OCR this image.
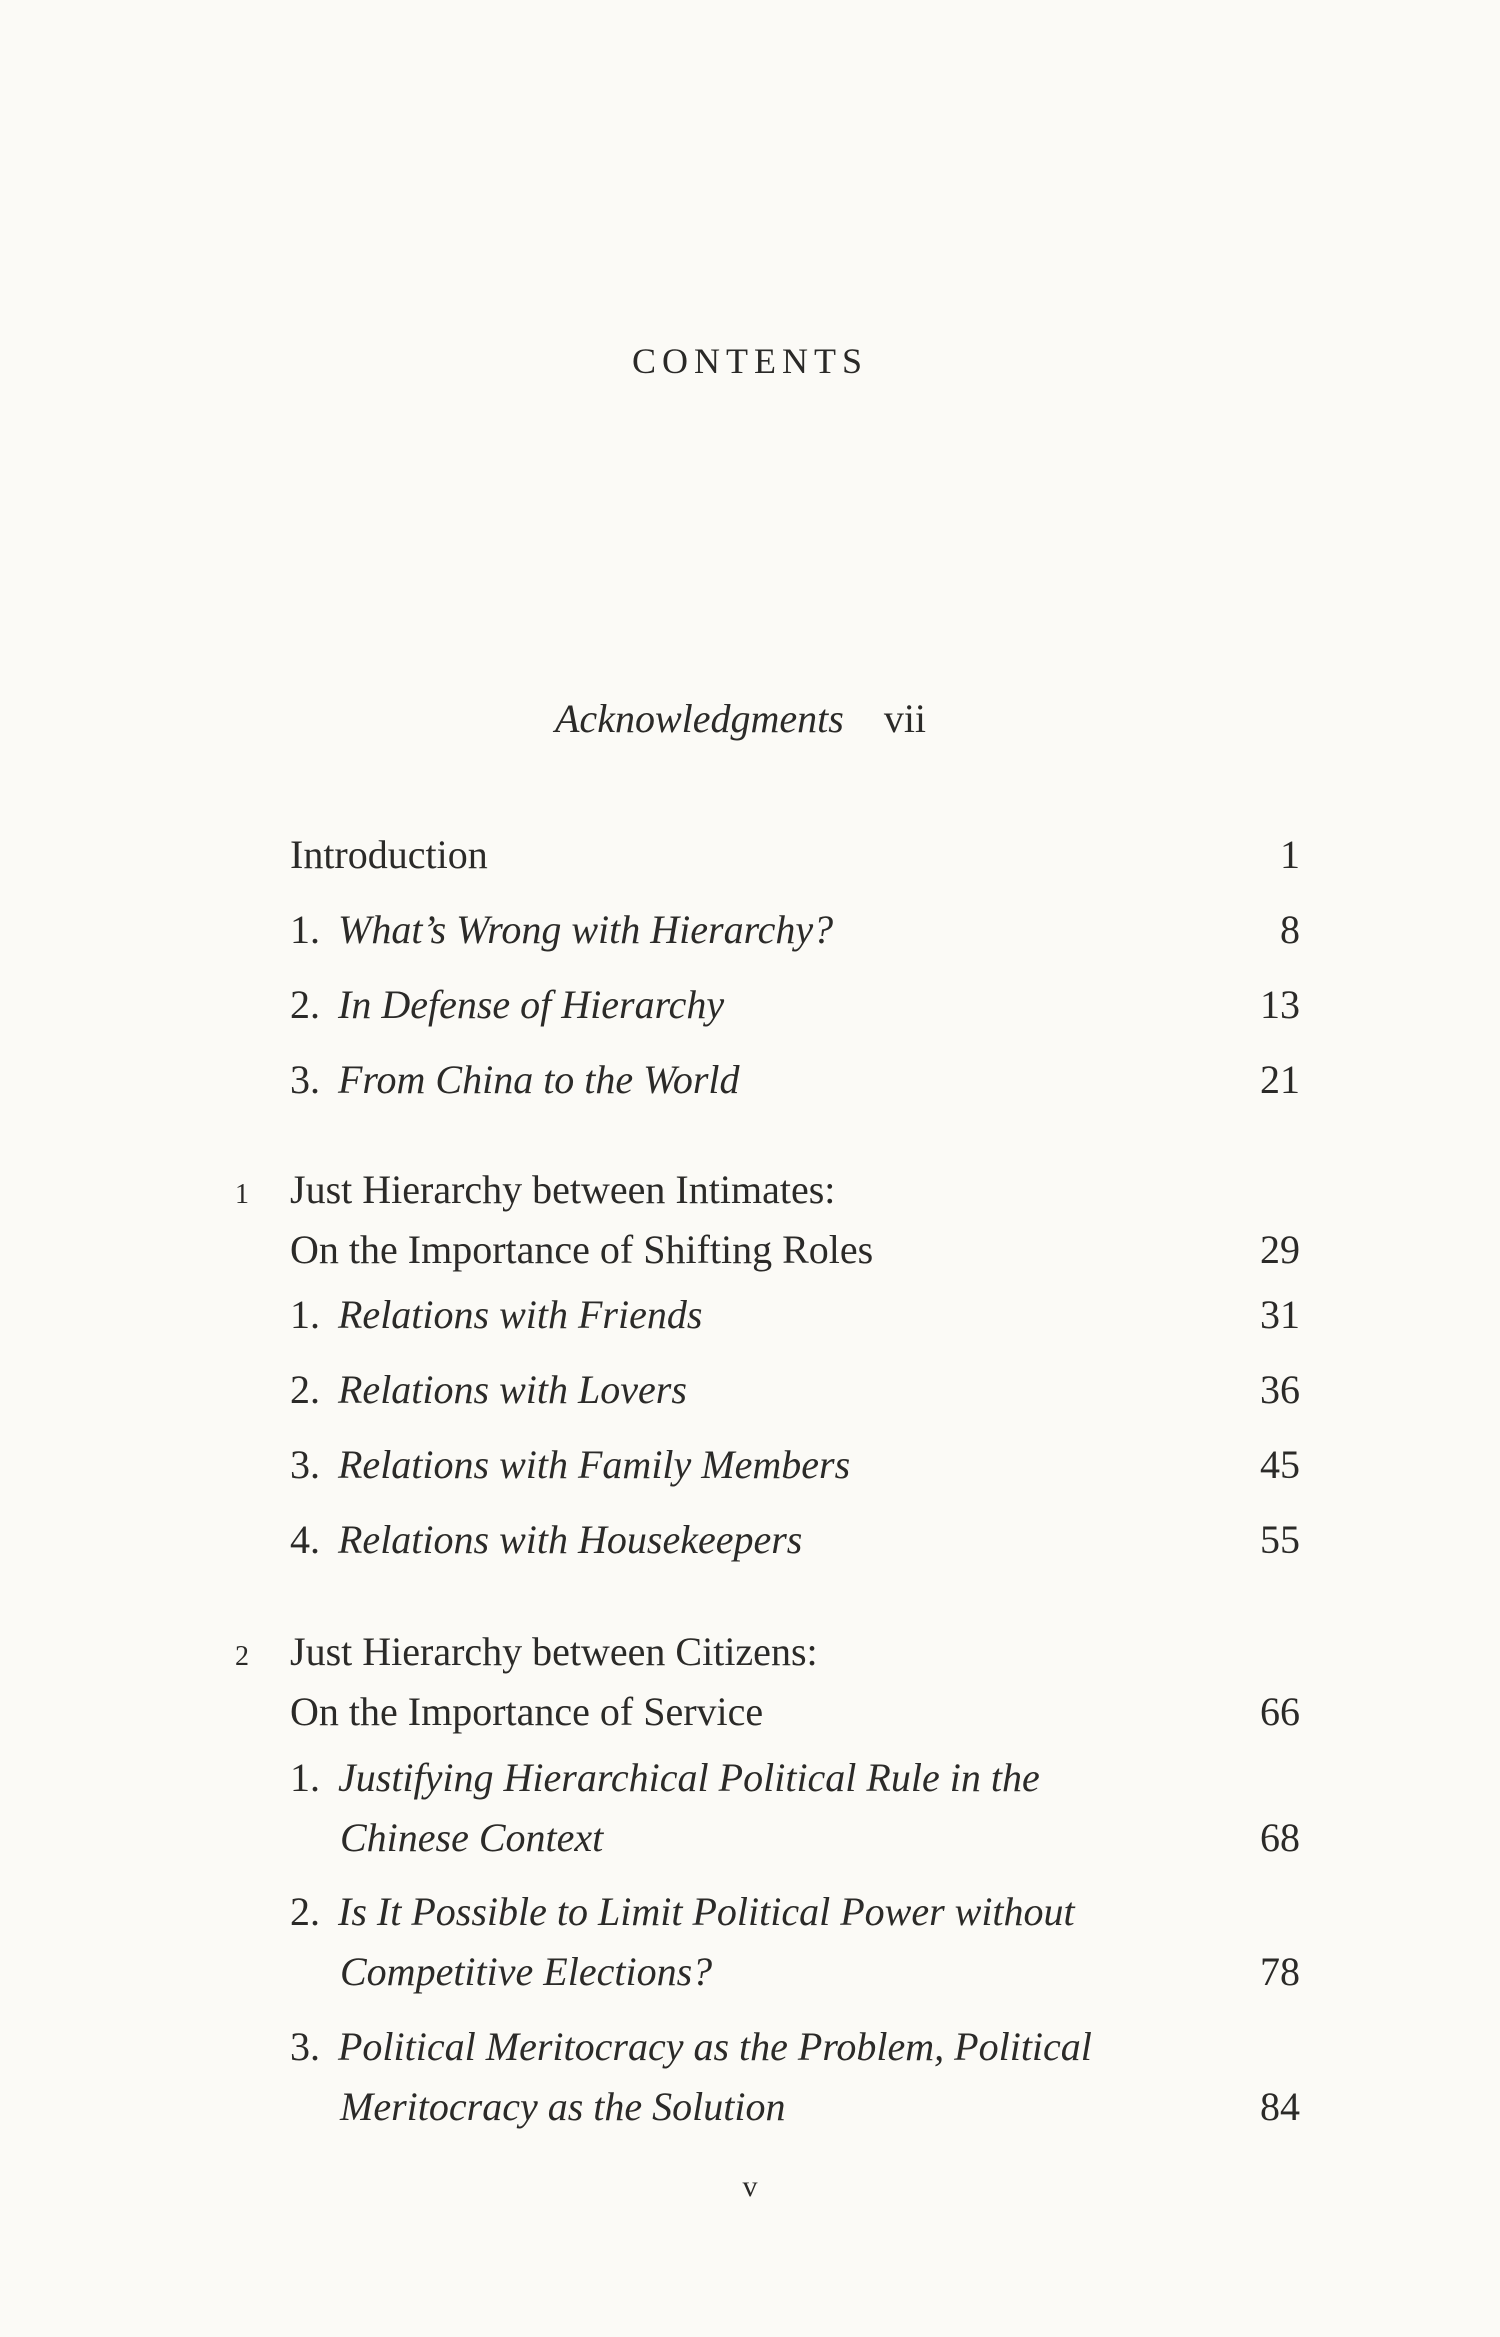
CONTENTS
Acknowledgments vii
Introduction	1
1. What’s Wrong with Hierarchy?	8
2. In Defense of Hierarchy	13
3. From China to the World	21
1 Just Hierarchy between Intimates:
On the Importance of Shifting Roles	29
1. Relations with Friends	31
2. Relations with Lovers	36
3. Relations with Family Members	45
4. Relations with Housekeepers	55
2 Just Hierarchy between Citizens:
On the Importance of Service	66
1. Justifying Hierarchical Political Rule in the
Chinese Context	68
2. Is It Possible to Limit Political Power without
Competitive Elections?	78
3. Political Meritocracy as the Problem, Political
Meritocracy as the Solution	84
v
